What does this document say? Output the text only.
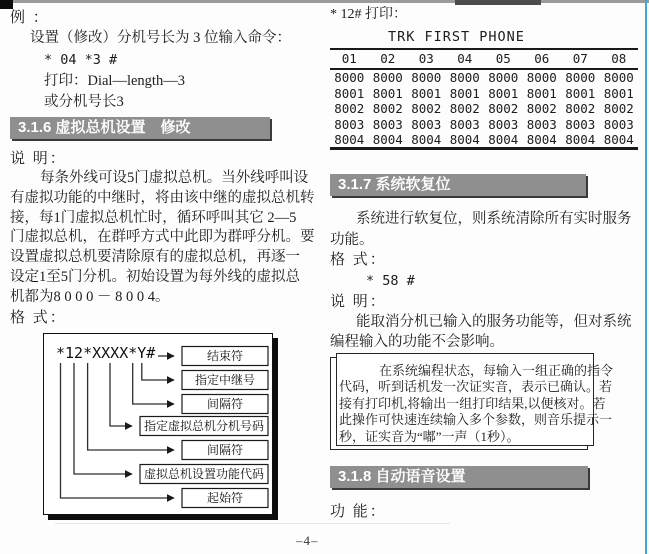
例 ：
设置（修改）分机号长为 3 位输入命令：
* 04 *3 #
打印：Dial—length—3
或分机号长3
3.1.6 虚拟总机设置　修改
说 明：
每条外线可设5门虚拟总机。当外线呼叫设
有虚拟功能的中继时，将由该中继的虚拟总机转
接，每1门虚拟总机忙时，循环呼叫其它 2—5
门虚拟总机，在群呼方式中此即为群呼分机。要
设置虚拟总机要清除原有的虚拟总机，再逐一
设定1至5门分机。初始设置为每外线的虚拟总
机都为8 0 0 0 － 8 0 0 4。
格 式：
*12*XXXX*Y#	结束符
指定中继号
间隔符
指定虚拟总机分机号码
间隔符
虚拟总机设置功能代码
起始符
* 12# 打印：
TRK FIRST PHONE
01	02	03	04	05	06	07	08
8000 8000 8000 8000 8000 8000 8000 8000
8001 8001 8001 8001 8001 8001 8001 8001
8002 8002 8002 8002 8002 8002 8002 8002
8003 8003 8003 8003 8003 8003 8003 8003
8004 8004 8004 8004 8004 8004 8004 8004
3.1.7 系统软复位
系统进行软复位，则系统清除所有实时服务
功能。
格 式：
* 58 #
说 明：
能取消分机已输入的服务功能等，但对系统
编程输入的功能不会影响。
在系统编程状态，每输入一组正确的指令
代码，听到话机发一次证实音，表示已确认。若
接有打印机,将输出一组打印结果,以便核对。若
此操作可快速连续输入多个参数，则音乐提示一
秒，证实音为“嘟”一声（1秒）。
3.1.8 自动语音设置
功 能：
–4–
